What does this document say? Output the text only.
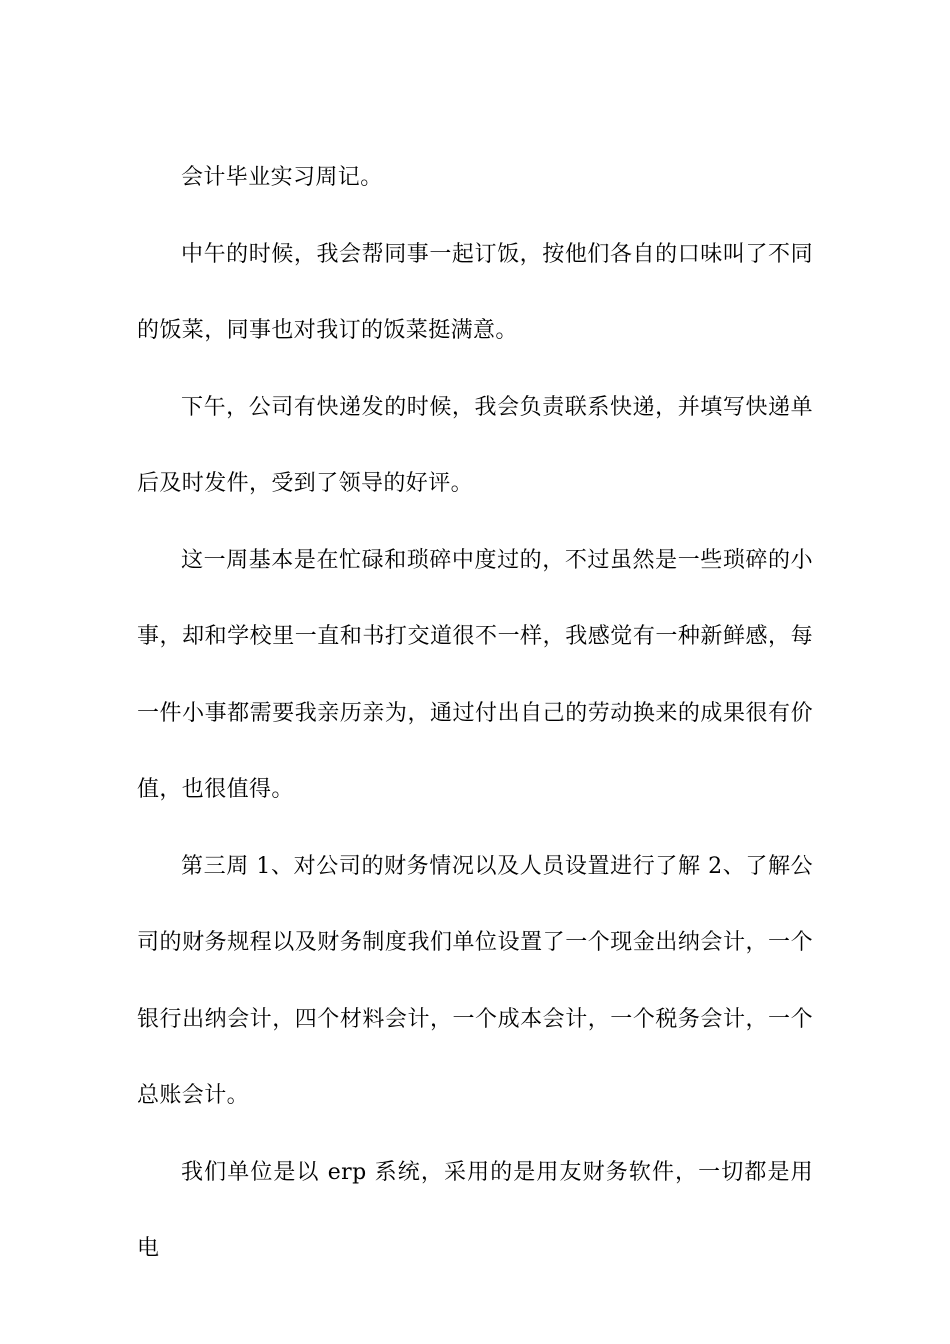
会计毕业实习周记。

中午的时候，我会帮同事一起订饭，按他们各自的口味叫了不同的饭菜，同事也对我订的饭菜挺满意。

下午，公司有快递发的时候，我会负责联系快递，并填写快递单后及时发件，受到了领导的好评。

这一周基本是在忙碌和琐碎中度过的，不过虽然是一些琐碎的小事，却和学校里一直和书打交道很不一样，我感觉有一种新鲜感，每一件小事都需要我亲历亲为，通过付出自己的劳动换来的成果很有价值，也很值得。

第三周 1、对公司的财务情况以及人员设置进行了解 2、了解公司的财务规程以及财务制度我们单位设置了一个现金出纳会计，一个银行出纳会计，四个材料会计，一个成本会计，一个税务会计，一个总账会计。

我们单位是以 erp 系统，采用的是用友财务软件，一切都是用电
